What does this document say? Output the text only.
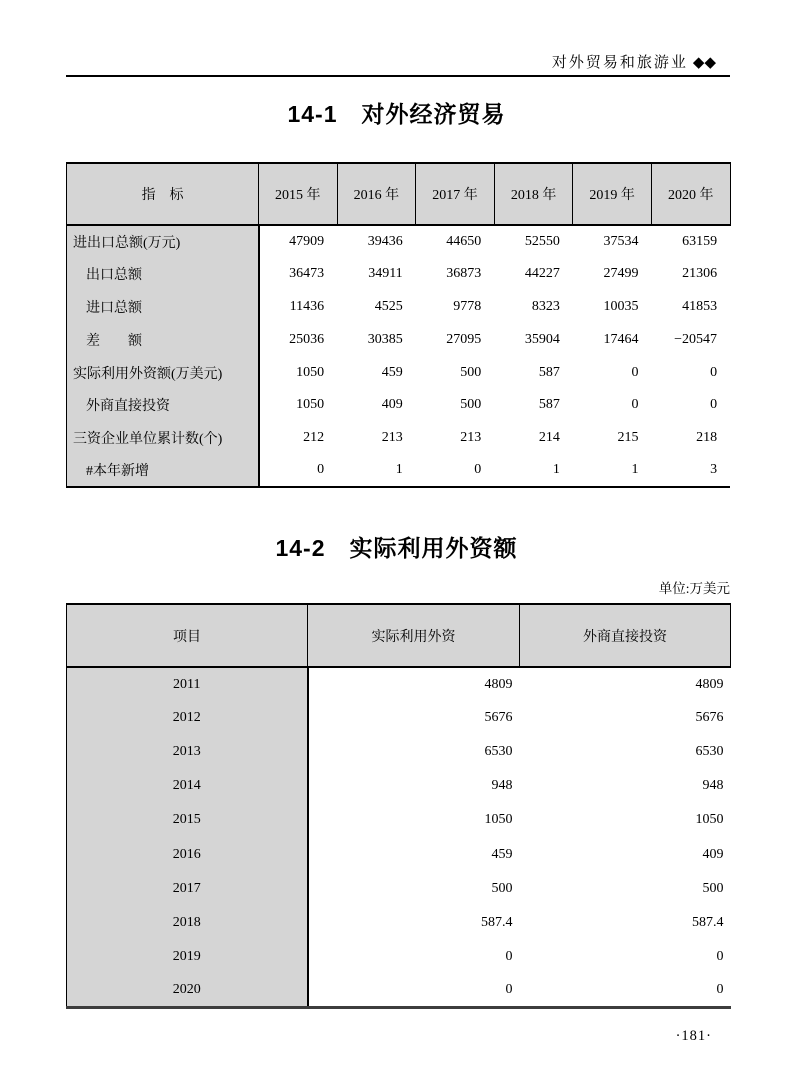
对外贸易和旅游业 ◆◆
14-1　对外经济贸易
指　标	2015 年	2016 年	2017 年	2018 年	2019 年	2020 年
进出口总额(万元)	47909	39436	44650	52550	37534	63159
出口总额	36473	34911	36873	44227	27499	21306
进口总额	11436	4525	9778	8323	10035	41853
差　　额	25036	30385	27095	35904	17464	−20547
实际利用外资额(万美元)	1050	459	500	587	0	0
外商直接投资	1050	409	500	587	0	0
三资企业单位累计数(个)	212	213	213	214	215	218
#本年新增	0	1	0	1	1	3
14-2　实际利用外资额
单位:万美元
项目	实际利用外资	外商直接投资
2011	4809	4809
2012	5676	5676
2013	6530	6530
2014	948	948
2015	1050	1050
2016	459	409
2017	500	500
2018	587.4	587.4
2019	0	0
2020	0	0
·181·
